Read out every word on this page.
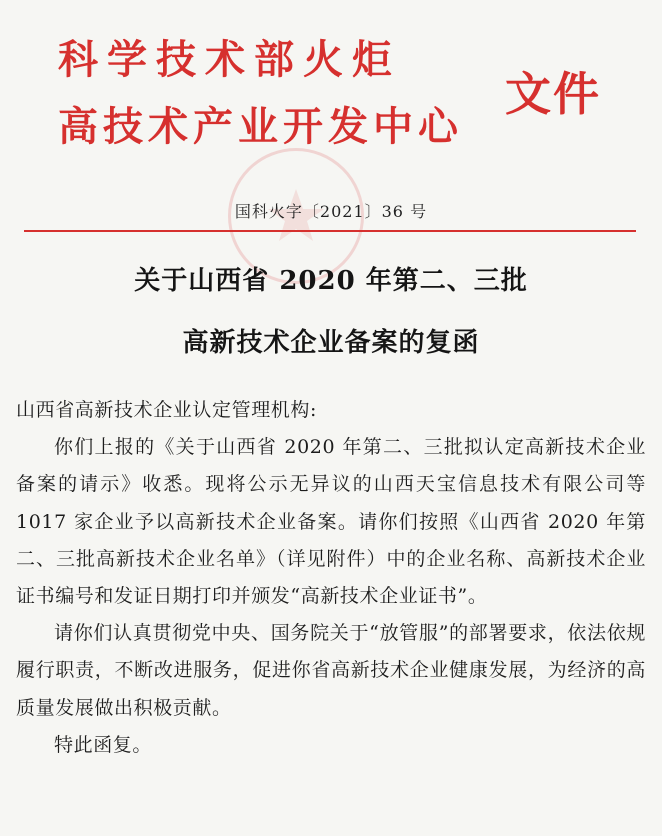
科学技术部火炬
高技术产业开发中心
文件
国科火字〔2021〕36 号
关于山西省 2020 年第二、三批
高新技术企业备案的复函

山西省高新技术企业认定管理机构:

你们上报的《关于山西省 2020 年第二、三批拟认定高新技术企业备案的请示》收悉。现将公示无异议的山西天宝信息技术有限公司等 1017 家企业予以高新技术企业备案。请你们按照《山西省 2020 年第二、三批高新技术企业名单》（详见附件）中的企业名称、高新技术企业证书编号和发证日期打印并颁发“高新技术企业证书”。

请你们认真贯彻党中央、国务院关于“放管服”的部署要求，依法依规履行职责，不断改进服务，促进你省高新技术企业健康发展，为经济的高质量发展做出积极贡献。

特此函复。
